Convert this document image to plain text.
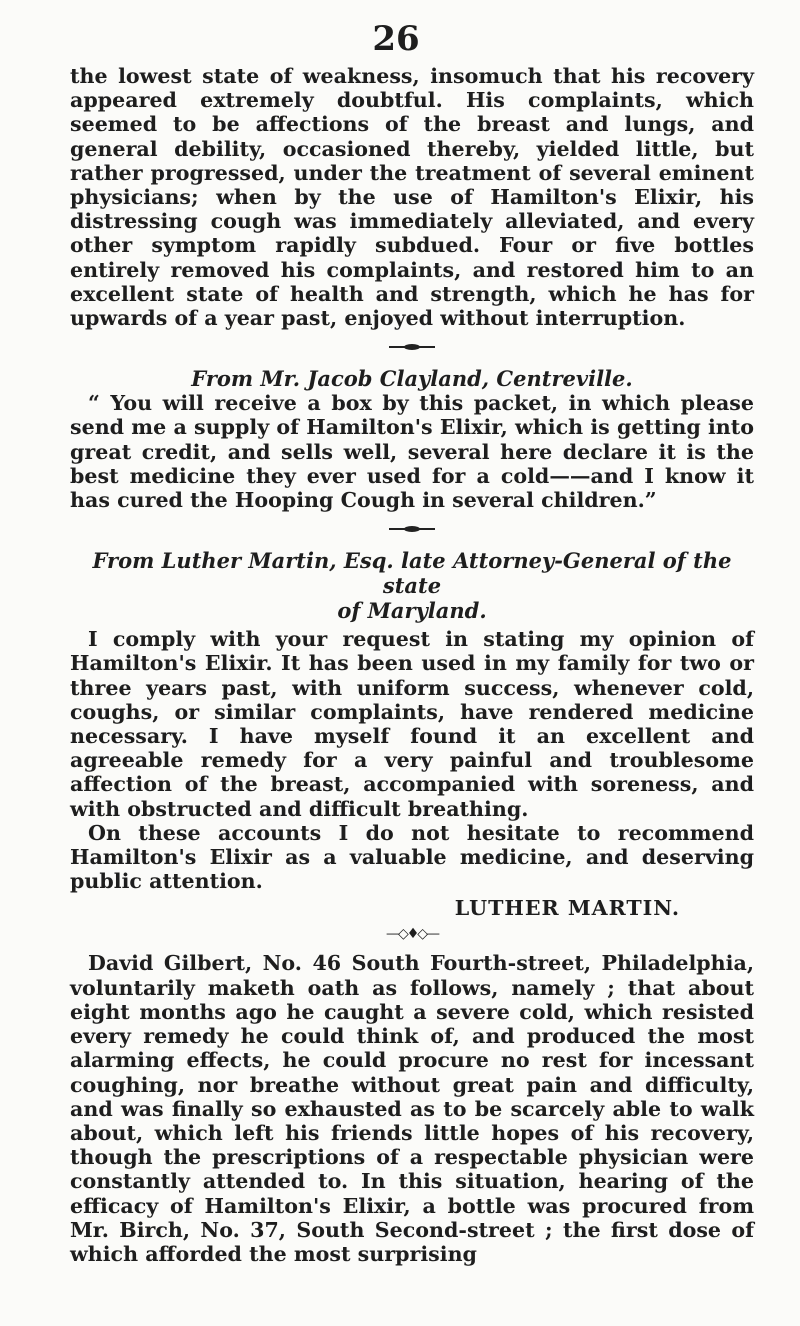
26

the lowest state of weakness, insomuch that his recovery appeared extremely doubtful. His complaints, which seemed to be affections of the breast and lungs, and general debility, occasioned thereby, yielded little, but rather progressed, under the treatment of several eminent physicians; when by the use of Hamilton's Elixir, his distressing cough was immediately alleviated, and every other symptom rapidly subdued. Four or five bottles entirely removed his complaints, and restored him to an excellent state of health and strength, which he has for upwards of a year past, enjoyed without interruption.

From Mr. Jacob Clayland, Centreville.

“ You will receive a box by this packet, in which please send me a supply of Hamilton's Elixir, which is getting into great credit, and sells well, several here declare it is the best medicine they ever used for a cold——and I know it has cured the Hooping Cough in several children.”

From Luther Martin, Esq. late Attorney-General of the state

of Maryland.

I comply with your request in stating my opinion of Hamilton's Elixir. It has been used in my family for two or three years past, with uniform success, whenever cold, coughs, or similar complaints, have rendered medicine necessary. I have myself found it an excellent and agreeable remedy for a very painful and troublesome affection of the breast, accompanied with soreness, and with obstructed and difficult breathing.

On these accounts I do not hesitate to recommend Hamilton's Elixir as a valuable medicine, and deserving public attention.

LUTHER MARTIN.
—◇♦◇—

David Gilbert, No. 46 South Fourth-street, Philadelphia, voluntarily maketh oath as follows, namely ; that about eight months ago he caught a severe cold, which resisted every remedy he could think of, and produced the most alarming effects, he could procure no rest for incessant coughing, nor breathe without great pain and difficulty, and was finally so exhausted as to be scarcely able to walk about, which left his friends little hopes of his recovery, though the prescriptions of a respectable physician were constantly attended to. In this situation, hearing of the efficacy of Hamilton's Elixir, a bottle was procured from Mr. Birch, No. 37, South Second-street ; the first dose of which afforded the most surprising
